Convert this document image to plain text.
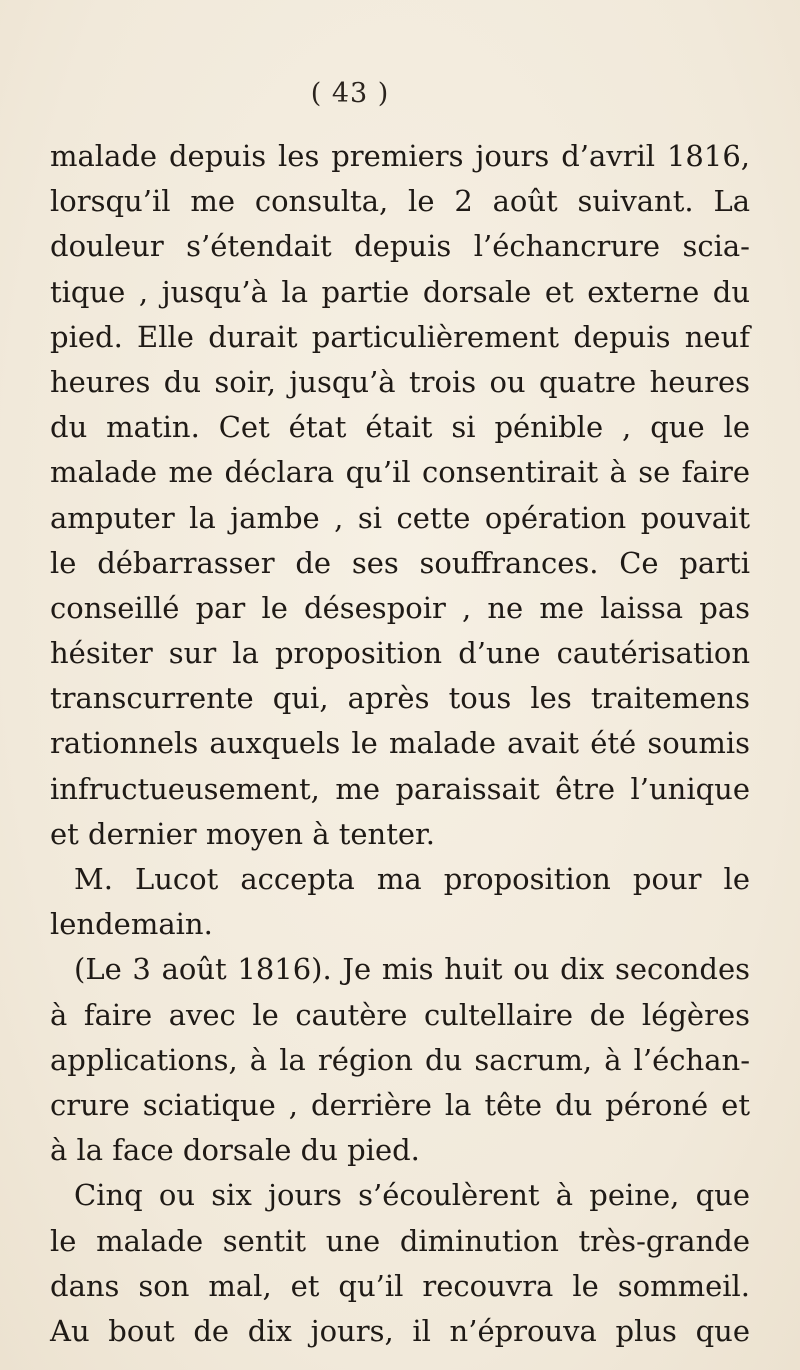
( 43 )
malade depuis les premiers jours d’avril 1816,
lorsqu’il me consulta, le 2 août suivant. La
douleur s’étendait depuis l’échancrure scia-
tique , jusqu’à la partie dorsale et externe du
pied. Elle durait particulièrement depuis neuf
heures du soir, jusqu’à trois ou quatre heures
du matin. Cet état était si pénible , que le
malade me déclara qu’il consentirait à se faire
amputer la jambe , si cette opération pouvait
le débarrasser de ses souffrances. Ce parti
conseillé par le désespoir , ne me laissa pas
hésiter sur la proposition d’une cautérisation
transcurrente qui, après tous les traitemens
rationnels auxquels le malade avait été soumis
infructueusement, me paraissait être l’unique
et dernier moyen à tenter.
M. Lucot accepta ma proposition pour le
lendemain.
(Le 3 août 1816). Je mis huit ou dix secondes
à faire avec le cautère cultellaire de légères
applications, à la région du sacrum, à l’échan-
crure sciatique , derrière la tête du péroné et
à la face dorsale du pied.
Cinq ou six jours s’écoulèrent à peine, que
le malade sentit une diminution très-grande
dans son mal, et qu’il recouvra le sommeil.
Au bout de dix jours, il n’éprouva plus que
